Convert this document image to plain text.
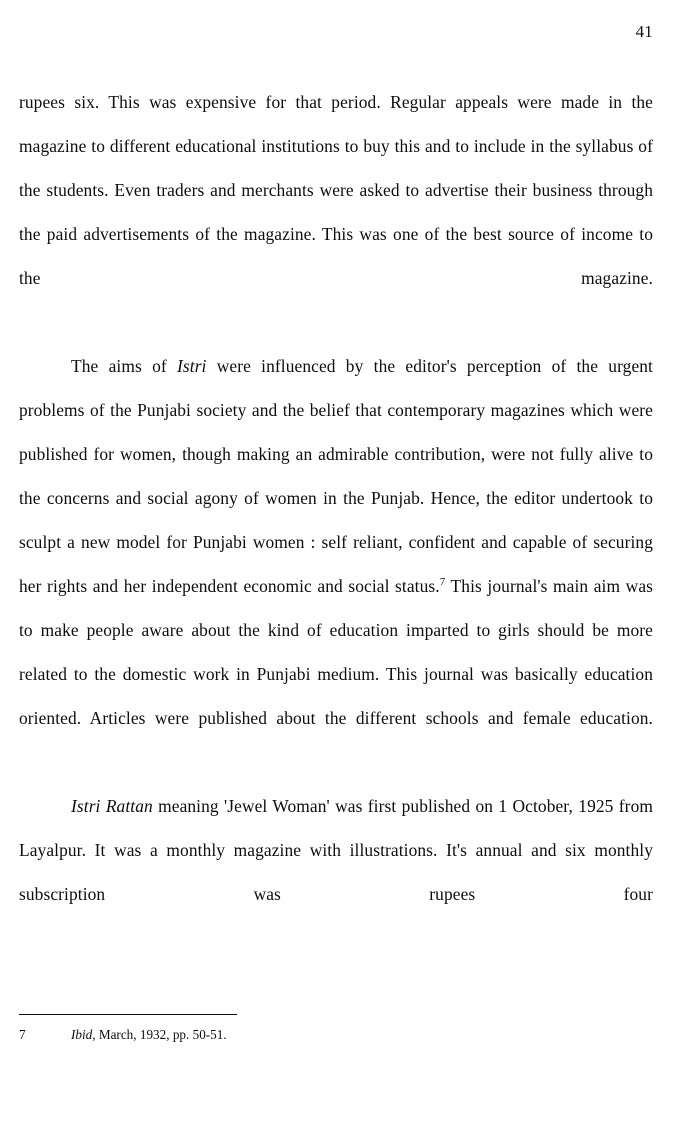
41

rupees six. This was expensive for that period. Regular appeals were made in the magazine to different educational institutions to buy this and to include in the syllabus of the students. Even traders and merchants were asked to advertise their business through the paid advertisements of the magazine. This was one of the best source of income to the magazine.

The aims of Istri were influenced by the editor's perception of the urgent problems of the Punjabi society and the belief that contemporary magazines which were published for women, though making an admirable contribution, were not fully alive to the concerns and social agony of women in the Punjab. Hence, the editor undertook to sculpt a new model for Punjabi women : self reliant, confident and capable of securing her rights and her independent economic and social status.$^7$ This journal's main aim was to make people aware about the kind of education imparted to girls should be more related to the domestic work in Punjabi medium. This journal was basically education oriented. Articles were published about the different schools and female education.

Istri Rattan meaning 'Jewel Woman' was first published on 1 October, 1925 from Layalpur. It was a monthly magazine with illustrations. It's annual and six monthly subscription was rupees four

7	Ibid, March, 1932, pp. 50-51.
